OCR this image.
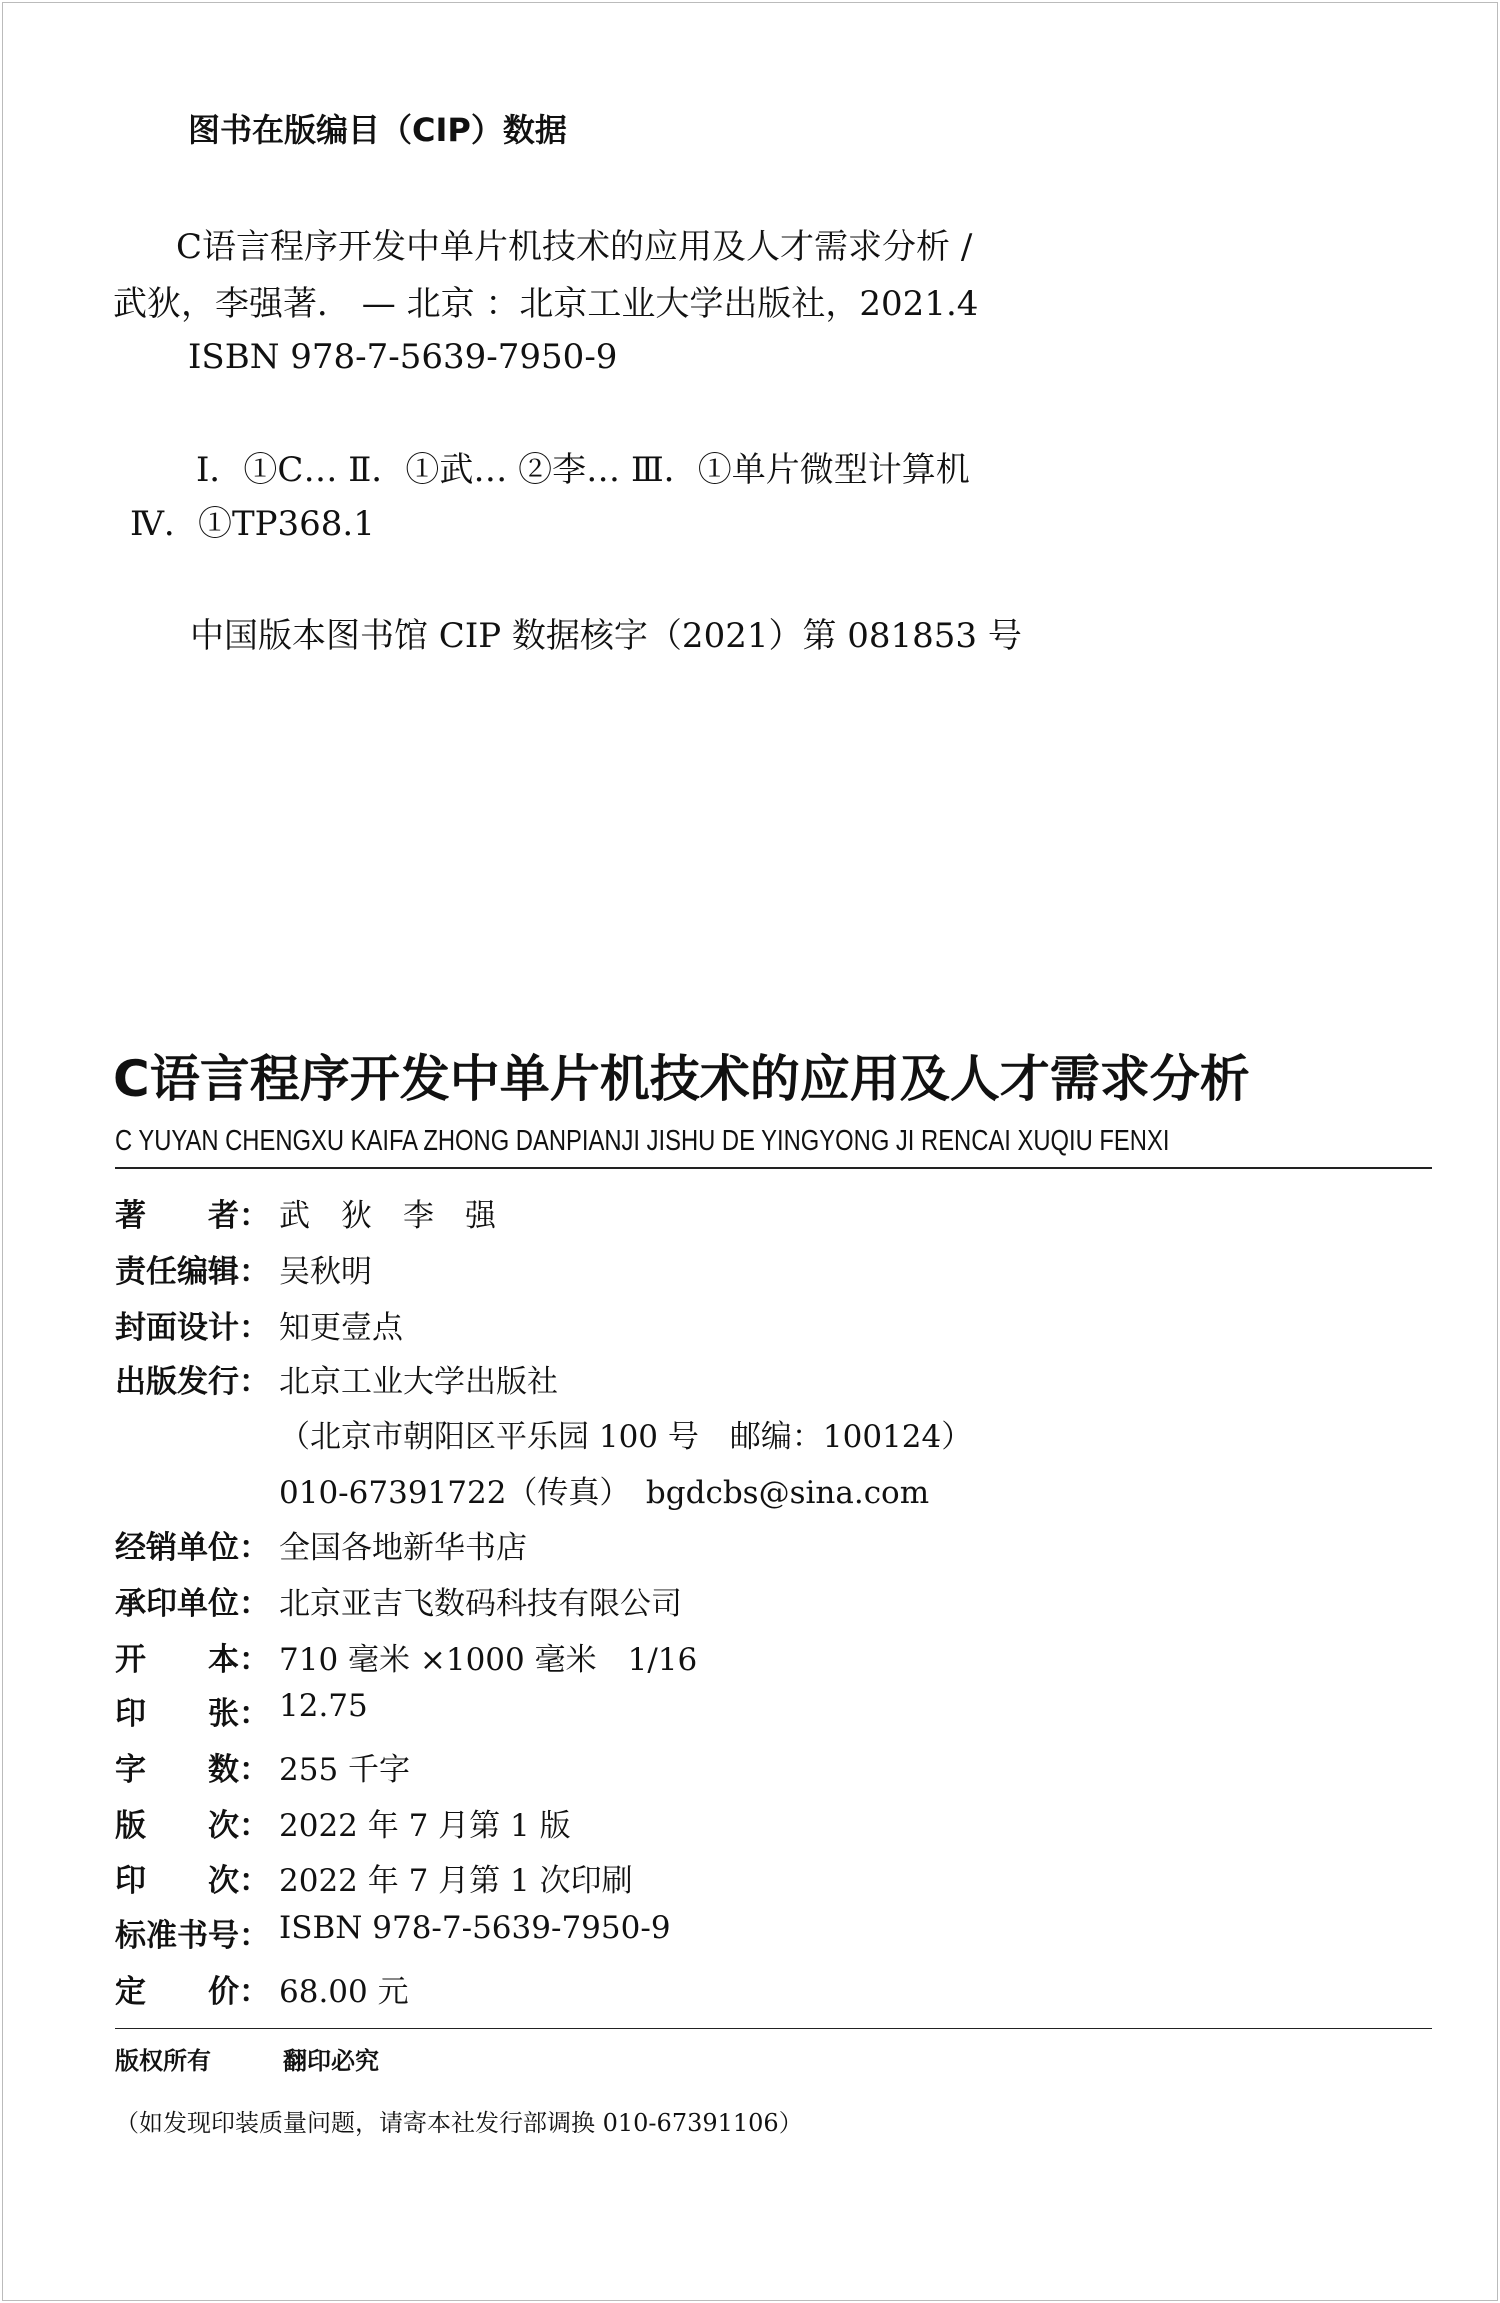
图书在版编目（CIP）数据
C语言程序开发中单片机技术的应用及人才需求分析 /
武狄，李强著． — 北京 ：北京工业大学出版社，2021.4
ISBN 978-7-5639-7950-9
Ⅰ．①C… Ⅱ．①武… ②李… Ⅲ．①单片微型计算机
Ⅳ．①TP368.1
中国版本图书馆 CIP 数据核字（2021）第 081853 号
C语言程序开发中单片机技术的应用及人才需求分析
C YUYAN CHENGXU KAIFA ZHONG DANPIANJI JISHU DE YINGYONG JI RENCAI XUQIU FENXI
著　　者： 武　狄　李　强
责任编辑： 吴秋明
封面设计： 知更壹点
出版发行： 北京工业大学出版社
（北京市朝阳区平乐园 100 号　邮编：100124）
010-67391722（传真）　bgdcbs@sina.com
经销单位： 全国各地新华书店
承印单位： 北京亚吉飞数码科技有限公司
开　　本： 710 毫米 ×1000 毫米　1/16
印　　张： 12.75
字　　数： 255 千字
版　　次： 2022 年 7 月第 1 版
印　　次： 2022 年 7 月第 1 次印刷
标准书号： ISBN 978-7-5639-7950-9
定　　价： 68.00 元
版权所有	翻印必究
（如发现印装质量问题，请寄本社发行部调换 010-67391106）
